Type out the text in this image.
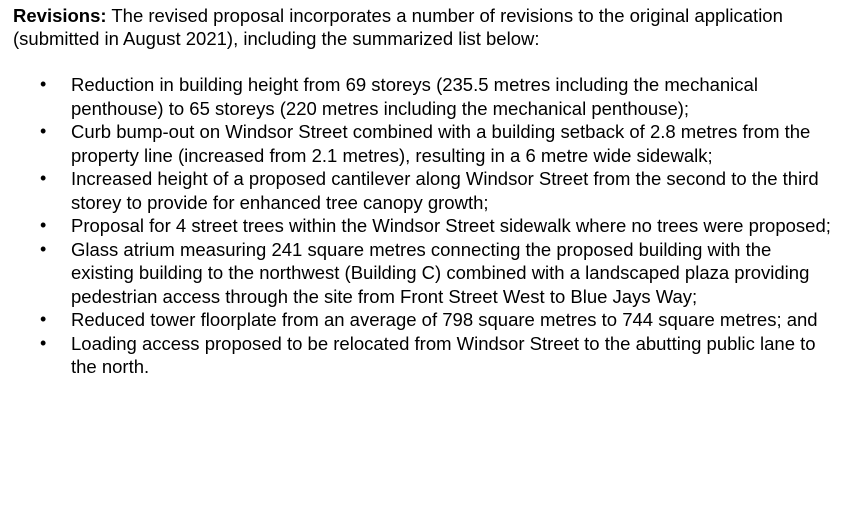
Revisions: The revised proposal incorporates a number of revisions to the original application (submitted in August 2021), including the summarized list below:

• Reduction in building height from 69 storeys (235.5 metres including the mechanical penthouse) to 65 storeys (220 metres including the mechanical penthouse);
• Curb bump-out on Windsor Street combined with a building setback of 2.8 metres from the property line (increased from 2.1 metres), resulting in a 6 metre wide sidewalk;
• Increased height of a proposed cantilever along Windsor Street from the second to the third storey to provide for enhanced tree canopy growth;
• Proposal for 4 street trees within the Windsor Street sidewalk where no trees were proposed;
• Glass atrium measuring 241 square metres connecting the proposed building with the existing building to the northwest (Building C) combined with a landscaped plaza providing pedestrian access through the site from Front Street West to Blue Jays Way;
• Reduced tower floorplate from an average of 798 square metres to 744 square metres; and
• Loading access proposed to be relocated from Windsor Street to the abutting public lane to the north.
